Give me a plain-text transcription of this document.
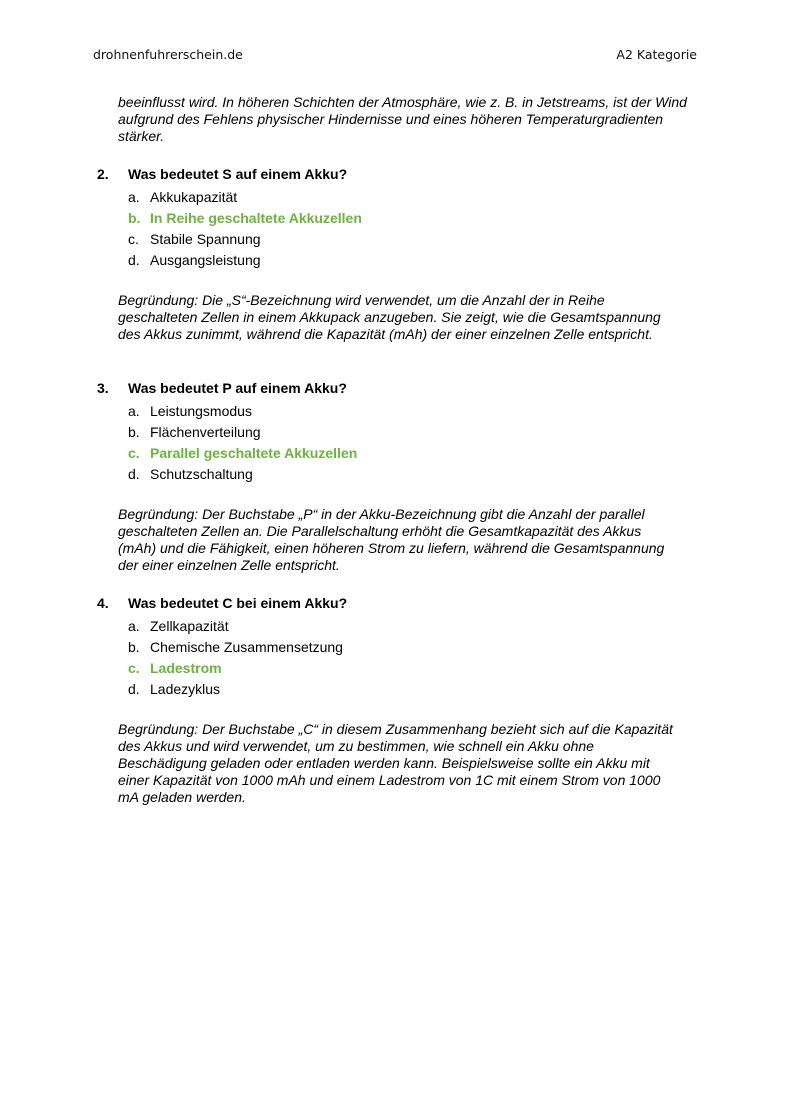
drohnenfuhrerschein.de	A2 Kategorie
beeinflusst wird. In höheren Schichten der Atmosphäre, wie z. B. in Jetstreams, ist der Wind aufgrund des Fehlens physischer Hindernisse und eines höheren Temperaturgradienten stärker.
2.	Was bedeutet S auf einem Akku?
a. Akkukapazität
b. In Reihe geschaltete Akkuzellen
c. Stabile Spannung
d. Ausgangsleistung
Begründung: Die „S“-Bezeichnung wird verwendet, um die Anzahl der in Reihe geschalteten Zellen in einem Akkupack anzugeben. Sie zeigt, wie die Gesamtspannung des Akkus zunimmt, während die Kapazität (mAh) der einer einzelnen Zelle entspricht.
3.	Was bedeutet P auf einem Akku?
a. Leistungsmodus
b. Flächenverteilung
c. Parallel geschaltete Akkuzellen
d. Schutzschaltung
Begründung: Der Buchstabe „P“ in der Akku-Bezeichnung gibt die Anzahl der parallel geschalteten Zellen an. Die Parallelschaltung erhöht die Gesamtkapazität des Akkus (mAh) und die Fähigkeit, einen höheren Strom zu liefern, während die Gesamtspannung der einer einzelnen Zelle entspricht.
4.	Was bedeutet C bei einem Akku?
a. Zellkapazität
b. Chemische Zusammensetzung
c. Ladestrom
d. Ladezyklus
Begründung: Der Buchstabe „C“ in diesem Zusammenhang bezieht sich auf die Kapazität des Akkus und wird verwendet, um zu bestimmen, wie schnell ein Akku ohne Beschädigung geladen oder entladen werden kann. Beispielsweise sollte ein Akku mit einer Kapazität von 1000 mAh und einem Ladestrom von 1C mit einem Strom von 1000 mA geladen werden.
